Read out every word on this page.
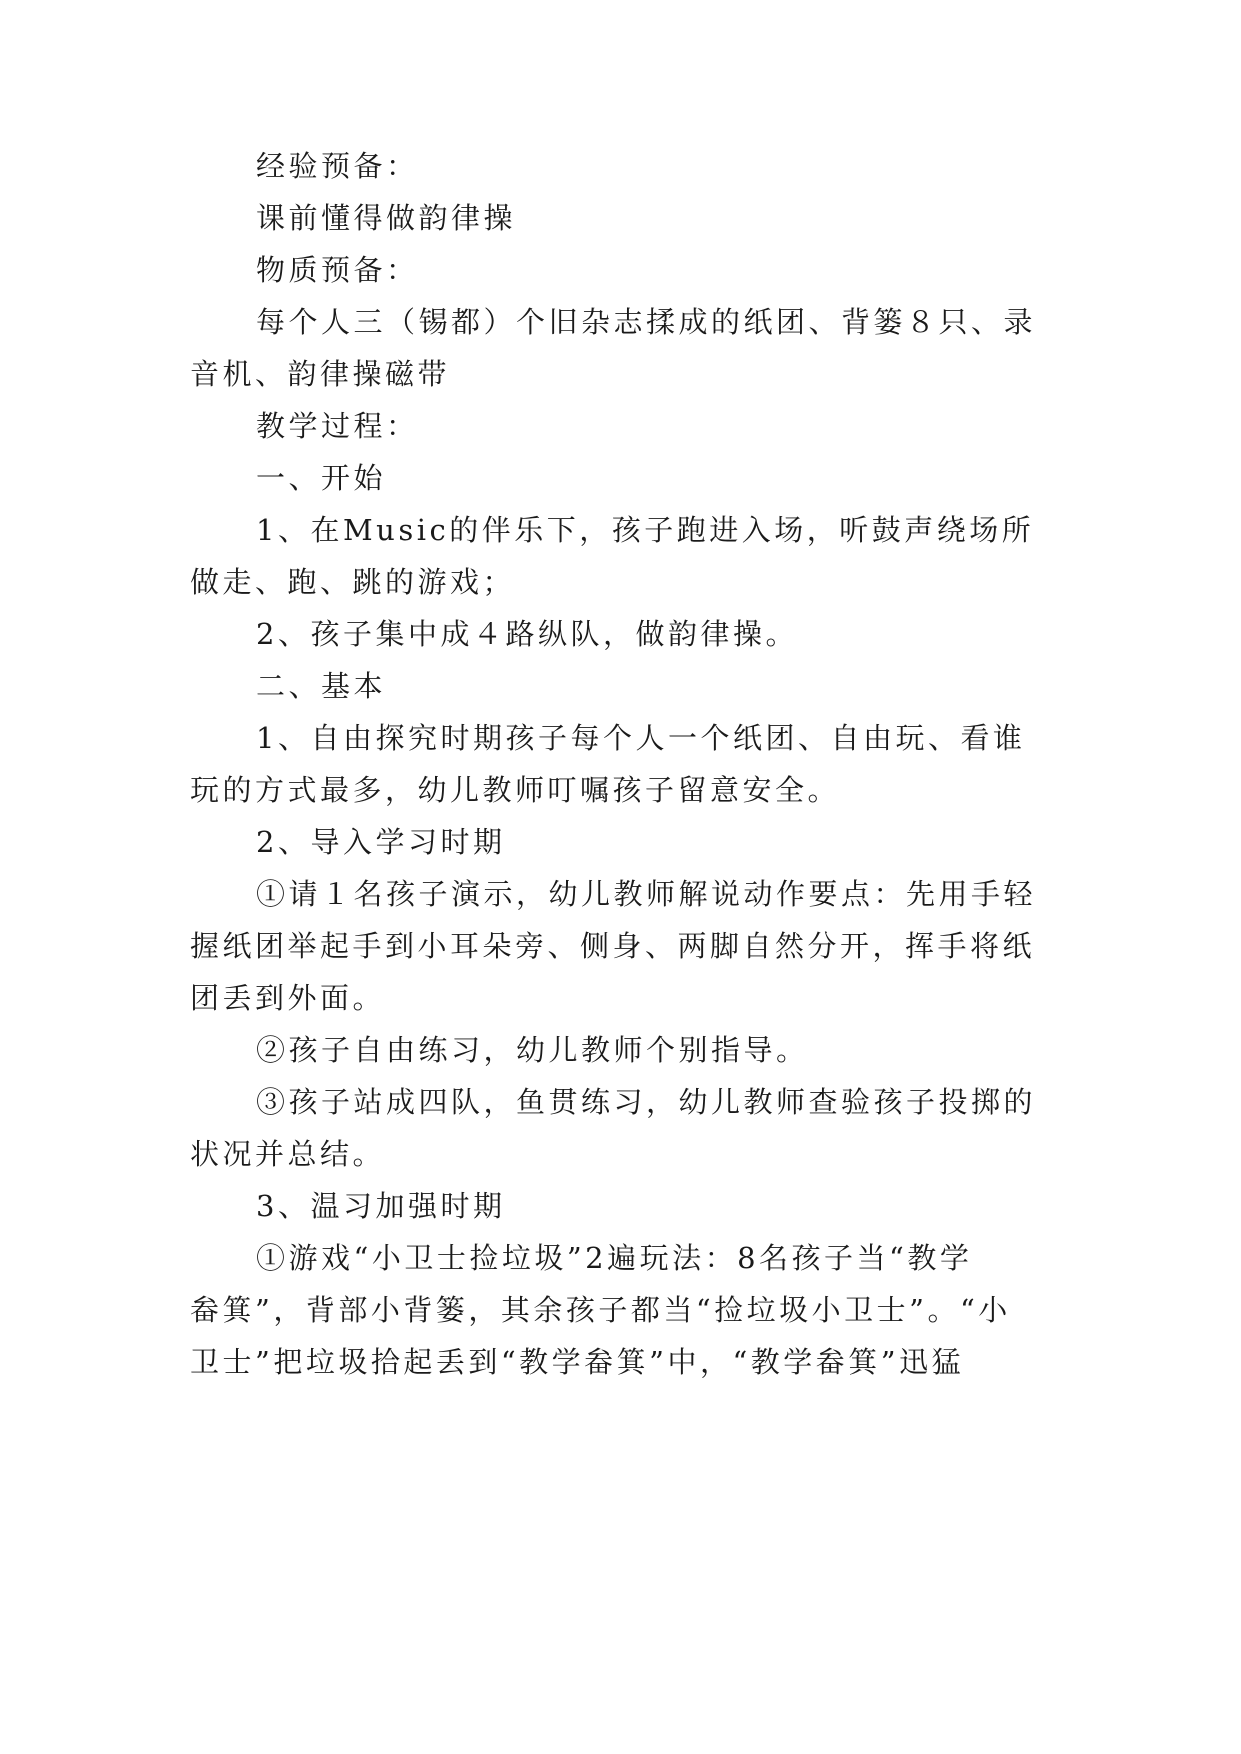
经验预备：

课前懂得做韵律操

物质预备：

每个人三（锡都）个旧杂志揉成的纸团、背篓８只、录
音机、韵律操磁带

教学过程：

一、开始

1、在Music的伴乐下，孩子跑进入场，听鼓声绕场所
做走、跑、跳的游戏；

2、孩子集中成４路纵队，做韵律操。

二、基本

1、自由探究时期孩子每个人一个纸团、自由玩、看谁
玩的方式最多，幼儿教师叮嘱孩子留意安全。

2、导入学习时期

①请１名孩子演示，幼儿教师解说动作要点：先用手轻
握纸团举起手到小耳朵旁、侧身、两脚自然分开，挥手将纸
团丢到外面。

②孩子自由练习，幼儿教师个别指导。

③孩子站成四队，鱼贯练习，幼儿教师查验孩子投掷的
状况并总结。

3、温习加强时期

①游戏“小卫士捡垃圾”2遍玩法：8名孩子当“教学
畚箕”，背部小背篓，其余孩子都当“捡垃圾小卫士”。“小
卫士”把垃圾拾起丢到“教学畚箕”中，“教学畚箕”迅猛
